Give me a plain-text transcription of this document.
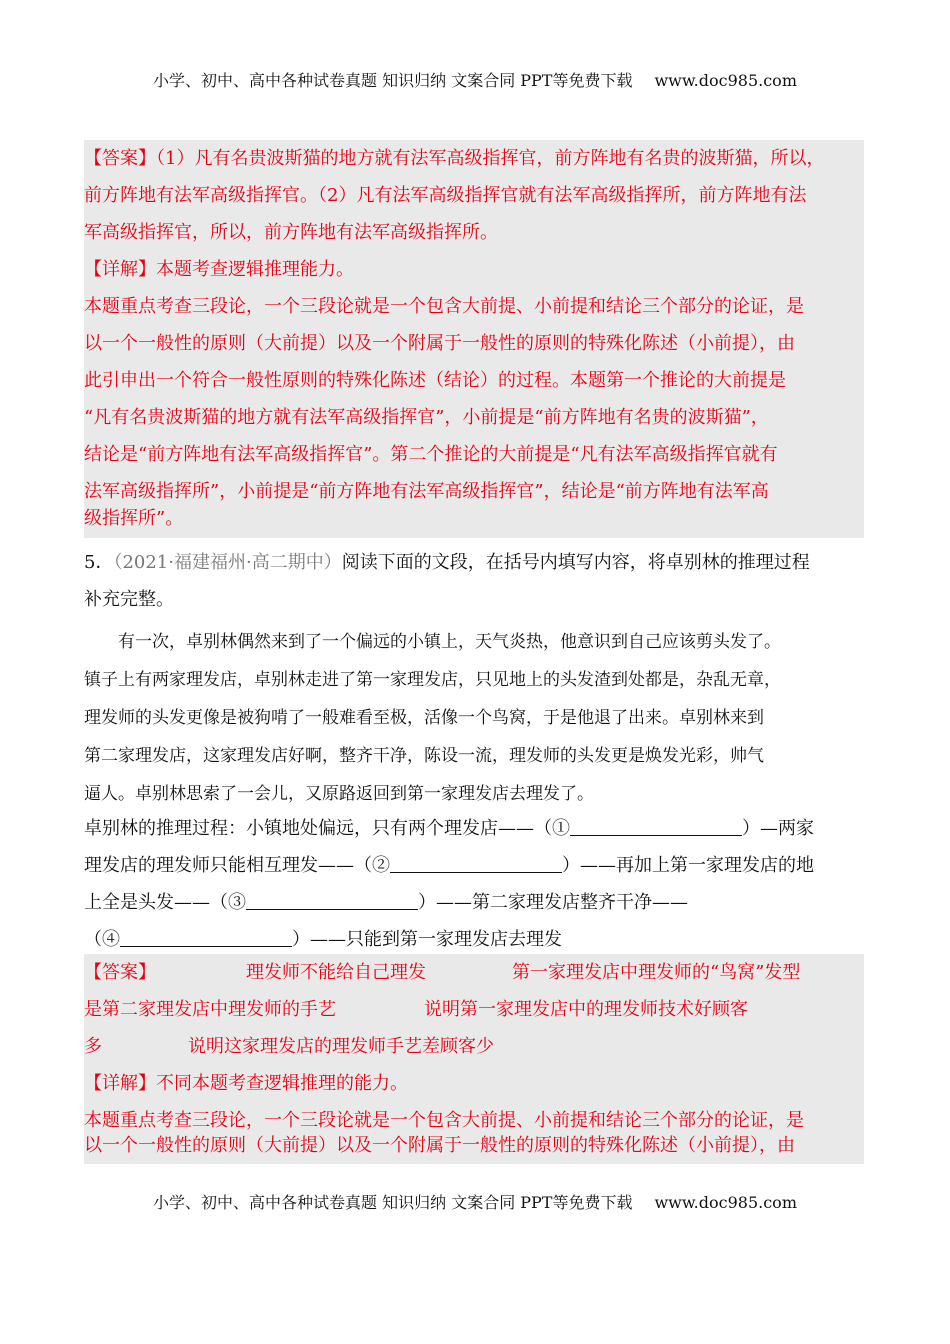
小学、初中、高中各种试卷真题 知识归纳 文案合同 PPT等免费下载 www.doc985.com
【答案】（1）凡有名贵波斯猫的地方就有法军高级指挥官，前方阵地有名贵的波斯猫，所以，
前方阵地有法军高级指挥官。（2）凡有法军高级指挥官就有法军高级指挥所，前方阵地有法
军高级指挥官，所以，前方阵地有法军高级指挥所。
【详解】本题考查逻辑推理能力。
本题重点考查三段论，一个三段论就是一个包含大前提、小前提和结论三个部分的论证，是
以一个一般性的原则（大前提）以及一个附属于一般性的原则的特殊化陈述（小前提），由
此引申出一个符合一般性原则的特殊化陈述（结论）的过程。本题第一个推论的大前提是
“凡有名贵波斯猫的地方就有法军高级指挥官”，小前提是“前方阵地有名贵的波斯猫”，
结论是“前方阵地有法军高级指挥官”。第二个推论的大前提是“凡有法军高级指挥官就有
法军高级指挥所”，小前提是“前方阵地有法军高级指挥官”，结论是“前方阵地有法军高
级指挥所”。
5．（2021·福建福州·高二期中）阅读下面的文段，在括号内填写内容，将卓别林的推理过程
补充完整。
有一次，卓别林偶然来到了一个偏远的小镇上，天气炎热，他意识到自己应该剪头发了。
镇子上有两家理发店，卓别林走进了第一家理发店，只见地上的头发渣到处都是，杂乱无章，
理发师的头发更像是被狗啃了一般难看至极，活像一个鸟窝，于是他退了出来。卓别林来到
第二家理发店，这家理发店好啊，整齐干净，陈设一流，理发师的头发更是焕发光彩，帅气
逼人。卓别林思索了一会儿，又原路返回到第一家理发店去理发了。
卓别林的推理过程：小镇地处偏远，只有两个理发店——（①	）—两家
理发店的理发师只能相互理发——（②	）——再加上第一家理发店的地
上全是头发——（③	）——第二家理发店整齐干净——
（④	）——只能到第一家理发店去理发
【答案】	理发师不能给自己理发	第一家理发店中理发师的“鸟窝”发型
是第二家理发店中理发师的手艺	说明第一家理发店中的理发师技术好顾客
多	说明这家理发店的理发师手艺差顾客少
【详解】不同本题考查逻辑推理的能力。
本题重点考查三段论，一个三段论就是一个包含大前提、小前提和结论三个部分的论证，是
以一个一般性的原则（大前提）以及一个附属于一般性的原则的特殊化陈述（小前提），由
小学、初中、高中各种试卷真题 知识归纳 文案合同 PPT等免费下载 www.doc985.com
